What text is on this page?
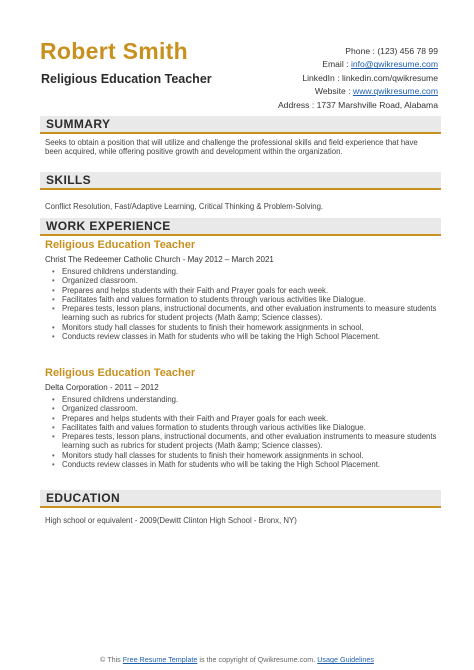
Robert Smith
Religious Education Teacher
Phone : (123) 456 78 99
Email : info@qwikresume.com
LinkedIn : linkedin.com/qwikresume
Website : www.qwikresume.com
Address : 1737 Marshville Road, Alabama
SUMMARY
Seeks to obtain a position that will utilize and challenge the professional skills and field experience that have been acquired, while offering positive growth and development within the organization.
SKILLS
Conflict Resolution, Fast/Adaptive Learning, Critical Thinking & Problem-Solving.
WORK EXPERIENCE
Religious Education Teacher
Christ The Redeemer Catholic Church - May 2012 – March 2021
• Ensured childrens understanding.
• Organized classroom.
• Prepares and helps students with their Faith and Prayer goals for each week.
• Facilitates faith and values formation to students through various activities like Dialogue.
• Prepares tests, lesson plans, instructional documents, and other evaluation instruments to measure students learning such as rubrics for student projects (Math &amp; Science classes).
• Monitors study hall classes for students to finish their homework assignments in school.
• Conducts review classes in Math for students who will be taking the High School Placement.
Religious Education Teacher
Delta Corporation - 2011 – 2012
• Ensured childrens understanding.
• Organized classroom.
• Prepares and helps students with their Faith and Prayer goals for each week.
• Facilitates faith and values formation to students through various activities like Dialogue.
• Prepares tests, lesson plans, instructional documents, and other evaluation instruments to measure students learning such as rubrics for student projects (Math &amp; Science classes).
• Monitors study hall classes for students to finish their homework assignments in school.
• Conducts review classes in Math for students who will be taking the High School Placement.
EDUCATION
High school or equivalent - 2009(Dewitt Clinton High School - Bronx, NY)
© This Free Resume Template is the copyright of Qwikresume.com. Usage Guidelines
